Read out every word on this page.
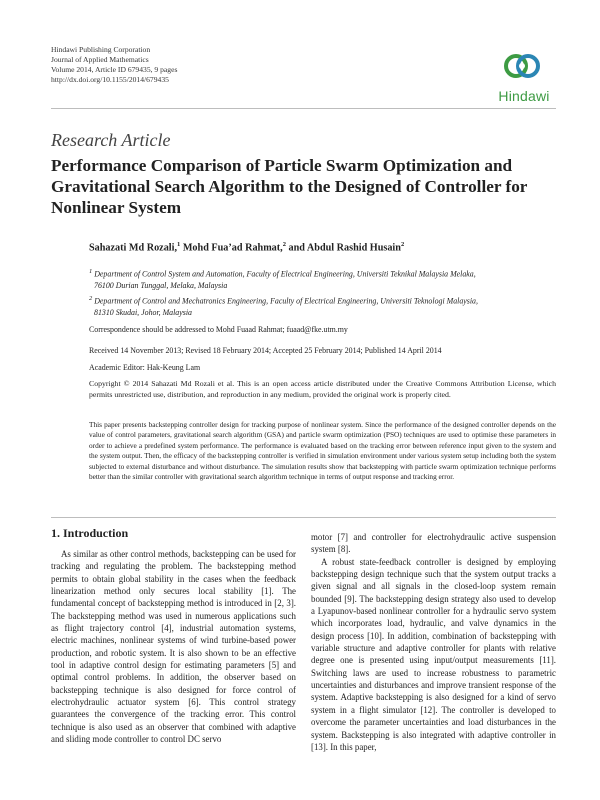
Hindawi Publishing Corporation
Journal of Applied Mathematics
Volume 2014, Article ID 679435, 9 pages
http://dx.doi.org/10.1155/2014/679435
Hindawi
Research Article
Performance Comparison of Particle Swarm Optimization and Gravitational Search Algorithm to the Designed of Controller for Nonlinear System
Sahazati Md Rozali,$^1$ Mohd Fua’ad Rahmat,$^2$ and Abdul Rashid Husain$^2$
$^1$ Department of Control System and Automation, Faculty of Electrical Engineering, Universiti Teknikal Malaysia Melaka,
76100 Durian Tunggal, Melaka, Malaysia
$^2$ Department of Control and Mechatronics Engineering, Faculty of Electrical Engineering, Universiti Teknologi Malaysia,
81310 Skudai, Johor, Malaysia
Correspondence should be addressed to Mohd Fuaad Rahmat; fuaad@fke.utm.my
Received 14 November 2013; Revised 18 February 2014; Accepted 25 February 2014; Published 14 April 2014
Academic Editor: Hak-Keung Lam
Copyright © 2014 Sahazati Md Rozali et al. This is an open access article distributed under the Creative Commons Attribution License, which permits unrestricted use, distribution, and reproduction in any medium, provided the original work is properly cited.
This paper presents backstepping controller design for tracking purpose of nonlinear system. Since the performance of the designed controller depends on the value of control parameters, gravitational search algorithm (GSA) and particle swarm optimization (PSO) techniques are used to optimise these parameters in order to achieve a predefined system performance. The performance is evaluated based on the tracking error between reference input given to the system and the system output. Then, the efficacy of the backstepping controller is verified in simulation environment under various system setup including both the system subjected to external disturbance and without disturbance. The simulation results show that backstepping with particle swarm optimization technique performs better than the similar controller with gravitational search algorithm technique in terms of output response and tracking error.
1. Introduction

As similar as other control methods, backstepping can be used for tracking and regulating the problem. The backstepping method permits to obtain global stability in the cases when the feedback linearization method only secures local stability [1]. The fundamental concept of backstepping method is introduced in [2, 3]. The backstepping method was used in numerous applications such as flight trajectory control [4], industrial automation systems, electric machines, nonlinear systems of wind turbine-based power production, and robotic system. It is also shown to be an effective tool in adaptive control design for estimating parameters [5] and optimal control problems. In addition, the observer based on backstepping technique is also designed for force control of electrohydraulic actuator system [6]. This control strategy guarantees the convergence of the tracking error. This control technique is also used as an observer that combined with adaptive and sliding mode controller to control DC servo

motor [7] and controller for electrohydraulic active suspension system [8].

A robust state-feedback controller is designed by employing backstepping design technique such that the system output tracks a given signal and all signals in the closed-loop system remain bounded [9]. The backstepping design strategy also used to develop a Lyapunov-based nonlinear controller for a hydraulic servo system which incorporates load, hydraulic, and valve dynamics in the design process [10]. In addition, combination of backstepping with variable structure and adaptive controller for plants with relative degree one is presented using input/output measurements [11]. Switching laws are used to increase robustness to parametric uncertainties and disturbances and improve transient response of the system. Adaptive backstepping is also designed for a kind of servo system in a flight simulator [12]. The controller is developed to overcome the parameter uncertainties and load disturbances in the system. Backstepping is also integrated with adaptive controller in [13]. In this paper,
